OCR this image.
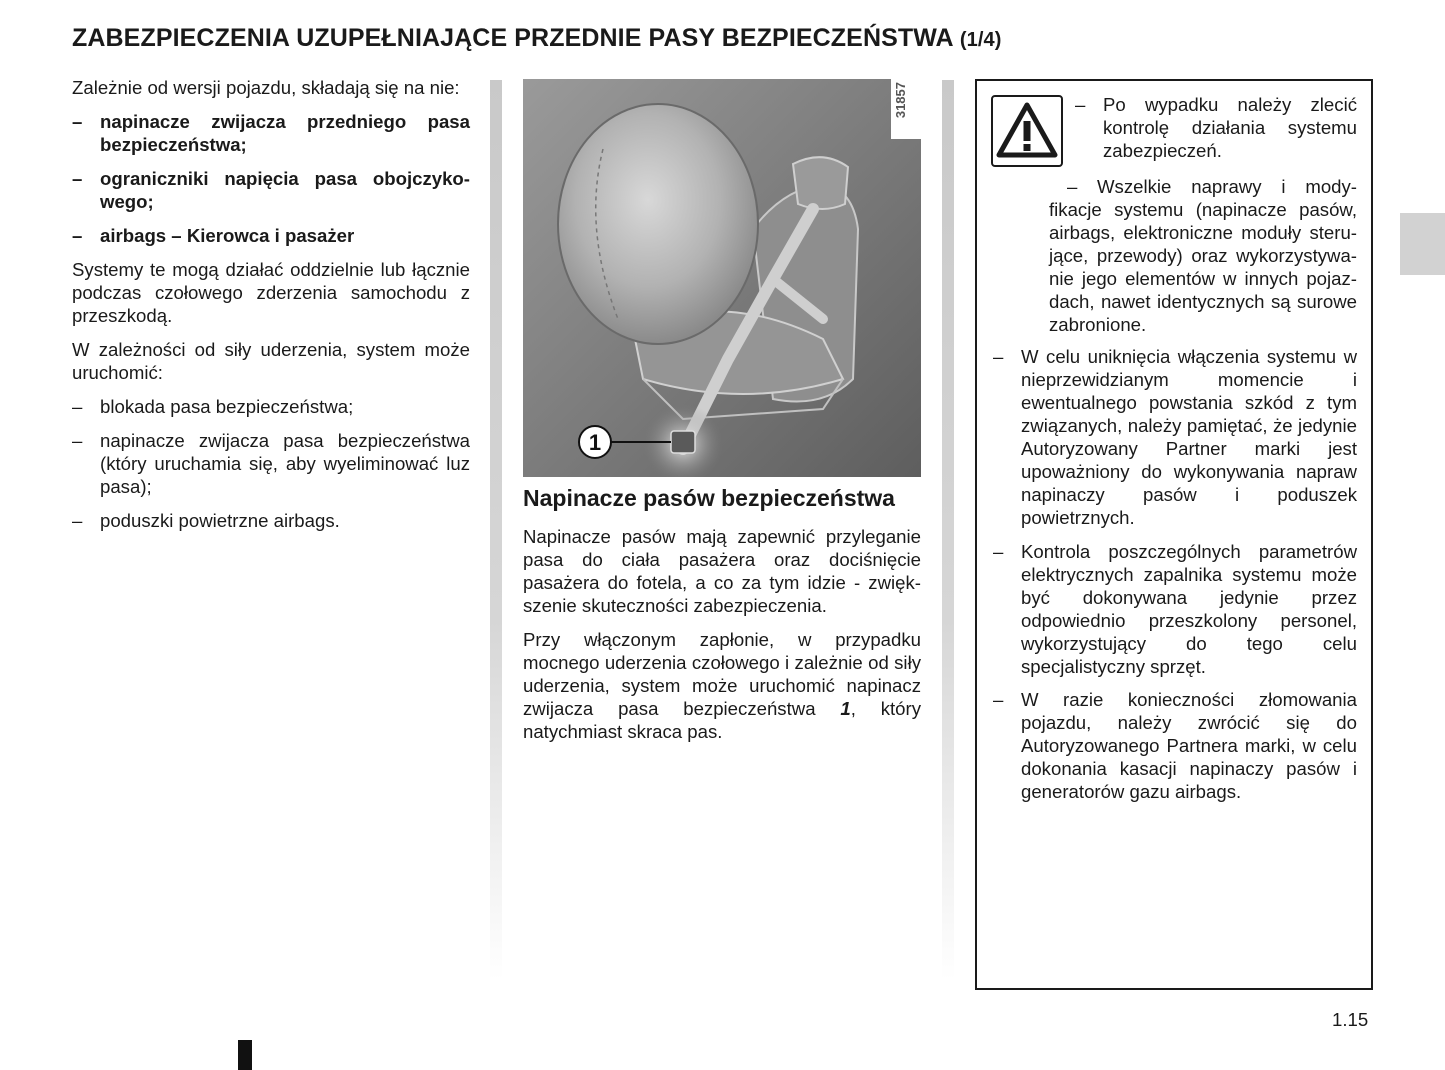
ZABEZPIECZENIA UZUPEŁNIAJĄCE PRZEDNIE PASY BEZPIECZEŃSTWA (1/4)
Zależnie od wersji pojazdu, składają się na nie:
– napinacze zwijacza przedniego pasa bezpieczeństwa;
– ograniczniki napięcia pasa obojczykowego;
– airbags – Kierowca i pasażer
Systemy te mogą działać oddzielnie lub łącznie podczas czołowego zderzenia samochodu z przeszkodą.
W zależności od siły uderzenia, system może uruchomić:
– blokada pasa bezpieczeństwa;
– napinacze zwijacza pasa bezpieczeństwa (który uruchamia się, aby wyeliminować luz pasa);
– poduszki powietrzne airbags.
1
31857
Napinacze pasów bezpieczeństwa
Napinacze pasów mają zapewnić przyleganie pasa do ciała pasażera oraz dociśnięcie pasażera do fotela, a co za tym idzie - zwiększenie skuteczności zabezpieczenia.
Przy włączonym zapłonie, w przypadku mocnego uderzenia czołowego i zależnie od siły uderzenia, system może uruchomić napinacz zwijacza pasa bezpieczeństwa 1, który natychmiast skraca pas.
– Po wypadku należy zlecić kontrolę działania systemu zabezpieczeń.
–	Wszelkie naprawy i modyfikacje systemu (napinacze pasów, airbags, elektroniczne moduły sterujące, przewody) oraz wykorzystywanie jego elementów w innych pojazdach, nawet identycznych są surowe zabronione.
– W celu uniknięcia włączenia systemu w nieprzewidzianym momencie i ewentualnego powstania szkód z tym związanych, należy pamiętać, że jedynie Autoryzowany Partner marki jest upoważniony do wykonywania napraw napinaczy pasów i poduszek powietrznych.
– Kontrola poszczególnych parametrów elektrycznych zapalnika systemu może być dokonywana jedynie przez odpowiednio przeszkolony personel, wykorzystujący do tego celu specjalistyczny sprzęt.
– W razie konieczności złomowania pojazdu, należy zwrócić się do Autoryzowanego Partnera marki, w celu dokonania kasacji napinaczy pasów i generatorów gazu airbags.
1.15
